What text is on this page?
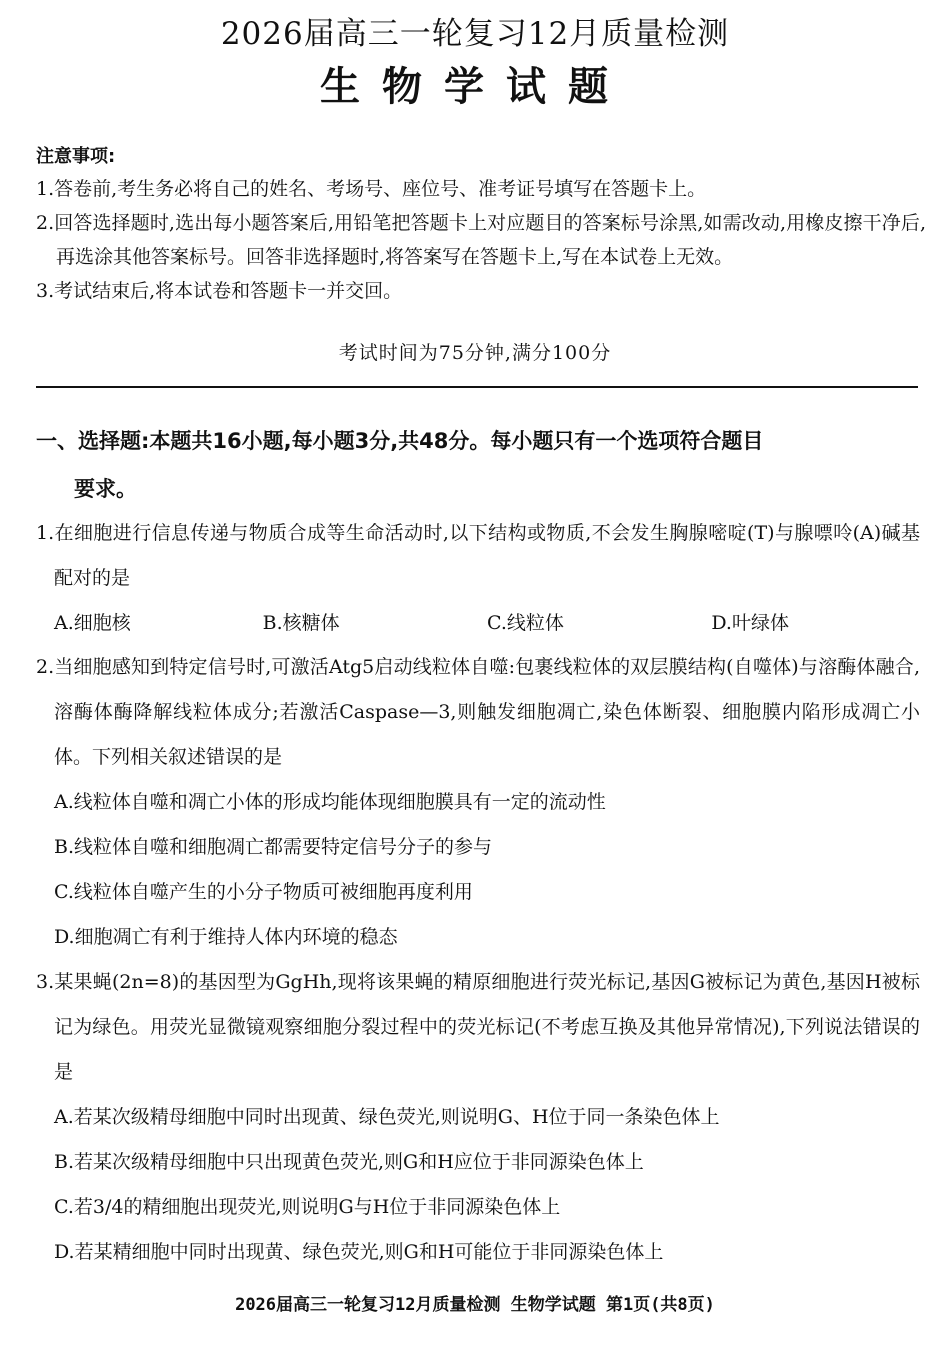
2026届高三一轮复习12月质量检测
生物学试题
注意事项:
1.答卷前,考生务必将自己的姓名、考场号、座位号、准考证号填写在答题卡上。
2.回答选择题时,选出每小题答案后,用铅笔把答题卡上对应题目的答案标号涂黑,如需改动,用橡皮擦干净后,再选涂其他答案标号。回答非选择题时,将答案写在答题卡上,写在本试卷上无效。
3.考试结束后,将本试卷和答题卡一并交回。
考试时间为75分钟,满分100分
一、选择题:本题共16小题,每小题3分,共48分。每小题只有一个选项符合题目
要求。
1.在细胞进行信息传递与物质合成等生命活动时,以下结构或物质,不会发生胸腺嘧啶(T)与腺嘌呤(A)碱基配对的是
A.细胞核	B.核糖体	C.线粒体	D.叶绿体
2.当细胞感知到特定信号时,可激活Atg5启动线粒体自噬:包裹线粒体的双层膜结构(自噬体)与溶酶体融合,溶酶体酶降解线粒体成分;若激活Caspase—3,则触发细胞凋亡,染色体断裂、细胞膜内陷形成凋亡小体。下列相关叙述错误的是
A.线粒体自噬和凋亡小体的形成均能体现细胞膜具有一定的流动性
B.线粒体自噬和细胞凋亡都需要特定信号分子的参与
C.线粒体自噬产生的小分子物质可被细胞再度利用
D.细胞凋亡有利于维持人体内环境的稳态
3.某果蝇(2n=8)的基因型为GgHh,现将该果蝇的精原细胞进行荧光标记,基因G被标记为黄色,基因H被标记为绿色。用荧光显微镜观察细胞分裂过程中的荧光标记(不考虑互换及其他异常情况),下列说法错误的是
A.若某次级精母细胞中同时出现黄、绿色荧光,则说明G、H位于同一条染色体上
B.若某次级精母细胞中只出现黄色荧光,则G和H应位于非同源染色体上
C.若3/4的精细胞出现荧光,则说明G与H位于非同源染色体上
D.若某精细胞中同时出现黄、绿色荧光,则G和H可能位于非同源染色体上
2026届高三一轮复习12月质量检测 生物学试题 第1页(共8页)
